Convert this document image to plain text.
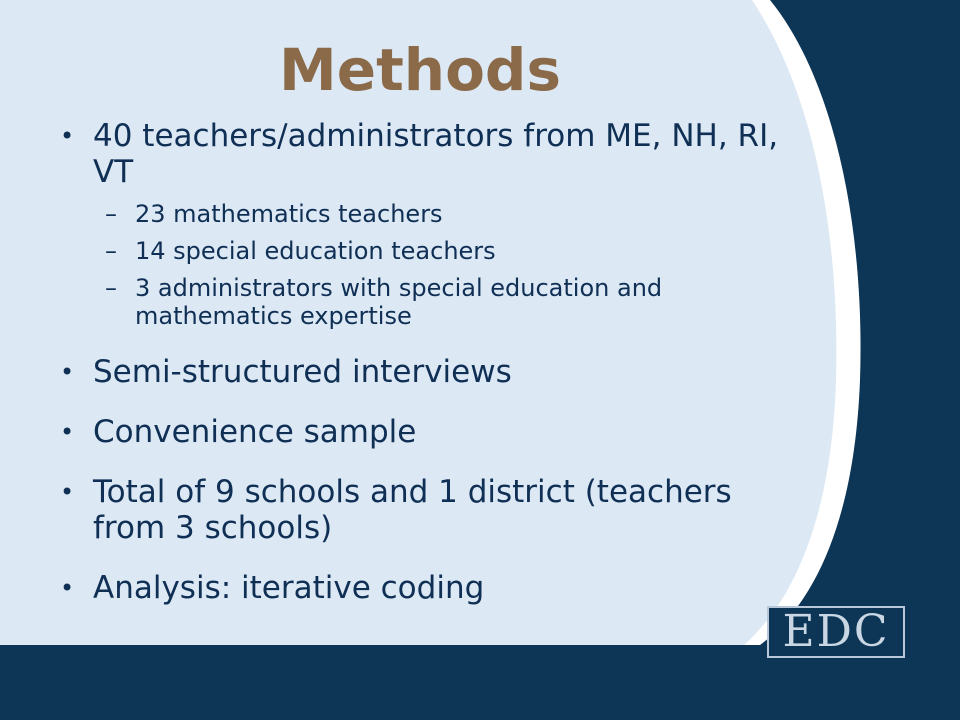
Methods
• 40 teachers/administrators from ME, NH, RI, VT
– 23 mathematics teachers
– 14 special education teachers
– 3 administrators with special education and mathematics expertise
• Semi-structured interviews
• Convenience sample
• Total of 9 schools and 1 district (teachers from 3 schools)
• Analysis: iterative coding
EDC
